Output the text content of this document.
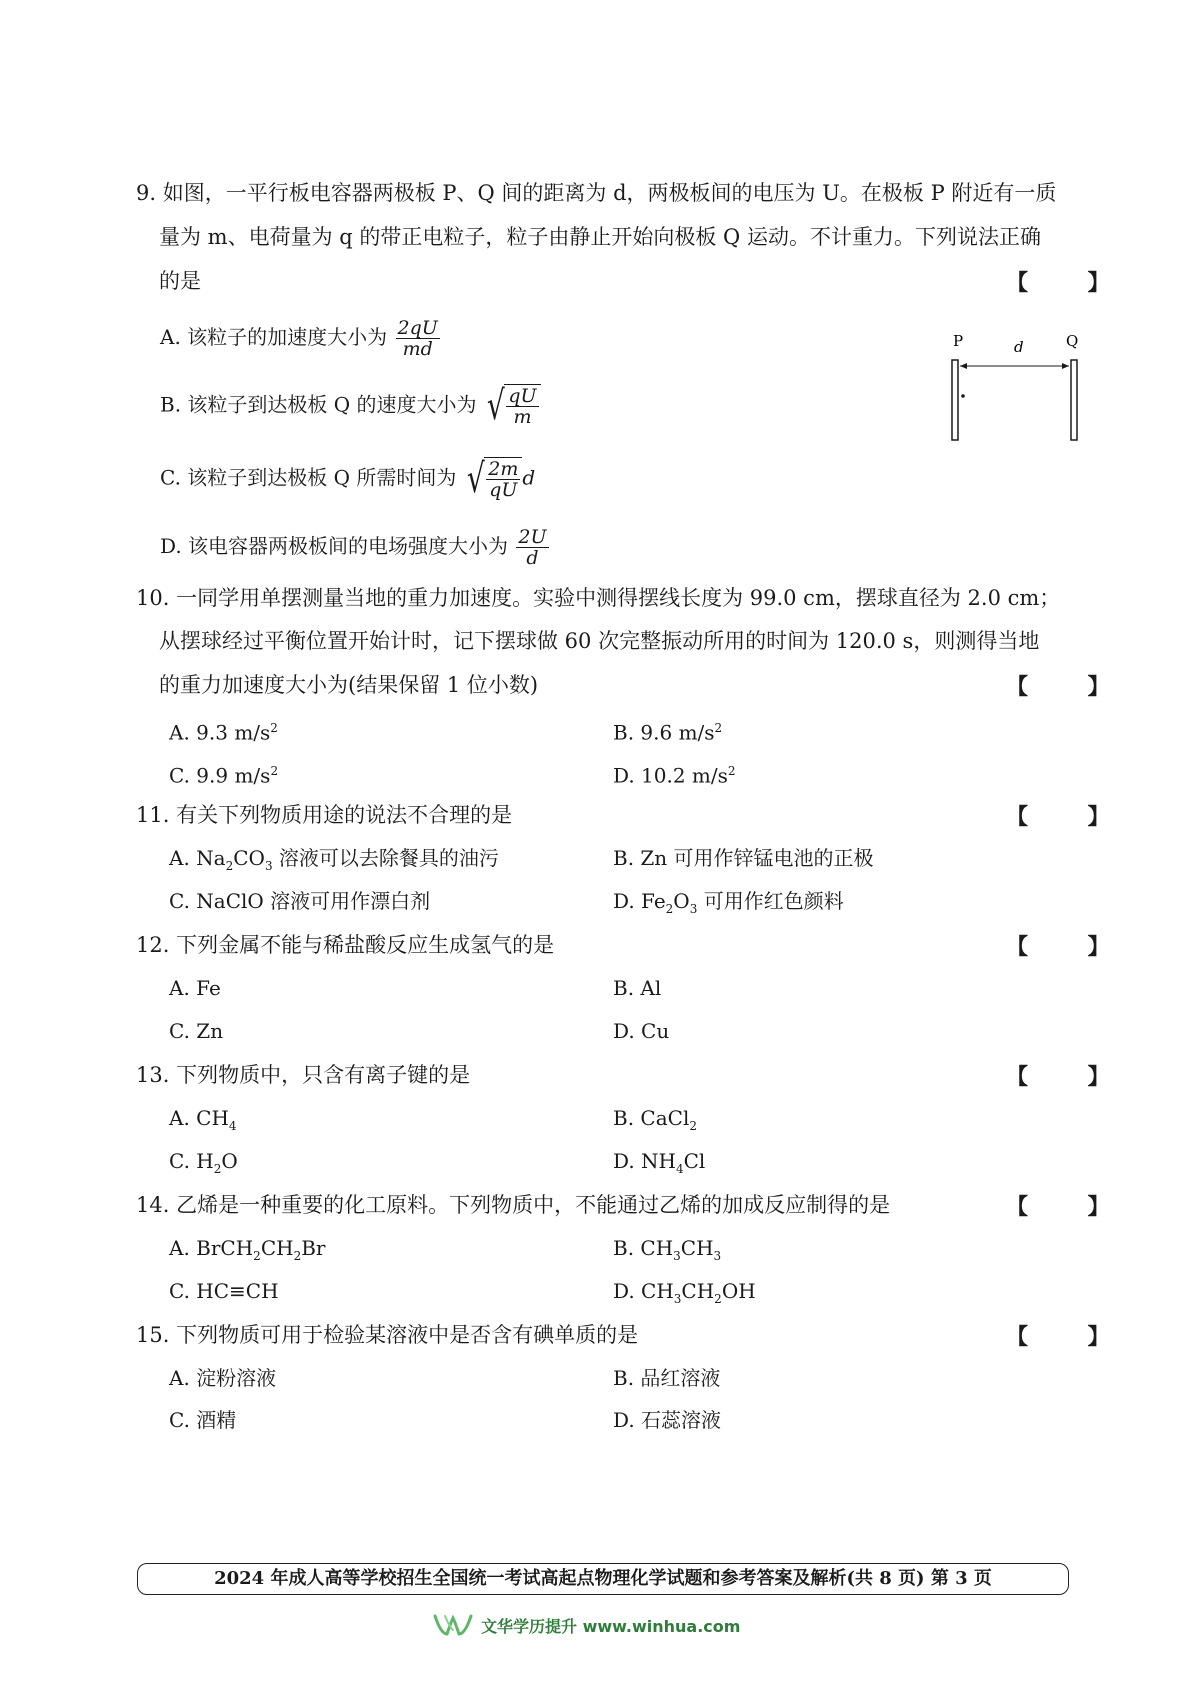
9. 如图，一平行板电容器两极板 P、Q 间的距离为 d，两极板间的电压为 U。在极板 P 附近有一质
量为 m、电荷量为 q 的带正电粒子，粒子由静止开始向极板 Q 运动。不计重力。下列说法正确
的是	【 】
A. 该粒子的加速度大小为 $\frac{2qU}{md}$
B. 该粒子到达极板 Q 的速度大小为 √ $\frac{qU}{m}$
C. 该粒子到达极板 Q 所需时间为 √ $\frac{2m}{qU}$ d
D. 该电容器两极板间的电场强度大小为 $\frac{2U}{d}$
P	Q
d
10. 一同学用单摆测量当地的重力加速度。实验中测得摆线长度为 99.0 cm，摆球直径为 2.0 cm；
从摆球经过平衡位置开始计时，记下摆球做 60 次完整振动所用的时间为 120.0 s，则测得当地
的重力加速度大小为(结果保留 1 位小数)	【 】
A. 9.3 $m/s^2$	B. 9.6 $m/s^2$
C. 9.9 $m/s^2$	D. 10.2 $m/s^2$
11. 有关下列物质用途的说法不合理的是	【 】
A. $Na_2CO_3$ 溶液可以去除餐具的油污	B. Zn 可用作锌锰电池的正极
C. NaClO 溶液可用作漂白剂	D. $Fe_2O_3$ 可用作红色颜料
12. 下列金属不能与稀盐酸反应生成氢气的是	【 】
A. Fe	B. Al
C. Zn	D. Cu
13. 下列物质中，只含有离子键的是	【 】
A. $CH_4$	B. CaCl$_2$
C. $H_2O$	D. $NH_4Cl$
14. 乙烯是一种重要的化工原料。下列物质中，不能通过乙烯的加成反应制得的是	【 】
A. $BrCH_2CH_2Br$	B. $CH_3CH_3$
C. HC≡CH	D. $CH_3CH_2OH$
15. 下列物质可用于检验某溶液中是否含有碘单质的是	【 】
A. 淀粉溶液	B. 品红溶液
C. 酒精	D. 石蕊溶液
2024 年成人高等学校招生全国统一考试高起点物理化学试题和参考答案及解析(共 8 页) 第 3 页
文华学历提升 www.winhua.com
